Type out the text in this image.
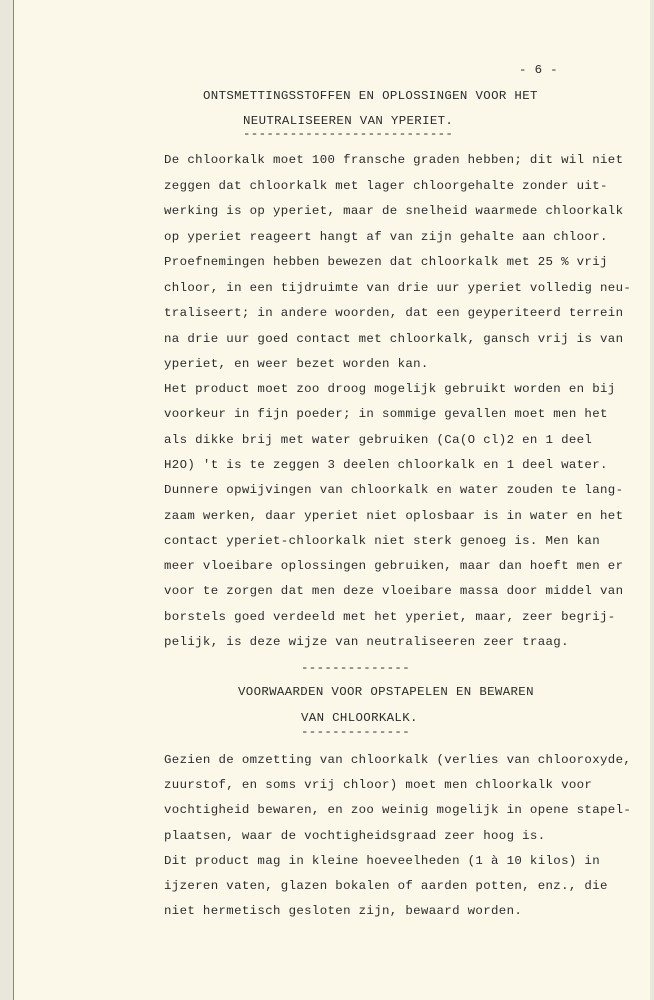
- 6 -
ONTSMETTINGSSTOFFEN EN OPLOSSINGEN VOOR HET
NEUTRALISEEREN VAN YPERIET.
---------------------------
De chloorkalk moet 100 fransche graden hebben; dit wil niet
zeggen dat chloorkalk met lager chloorgehalte zonder uit-
werking is op yperiet, maar de snelheid waarmede chloorkalk
op yperiet reageert hangt af van zijn gehalte aan chloor.
Proefnemingen hebben bewezen dat chloorkalk met 25 % vrij
chloor, in een tijdruimte van drie uur yperiet volledig neu-
traliseert; in andere woorden, dat een geyperiteerd terrein
na drie uur goed contact met chloorkalk, gansch vrij is van
yperiet, en weer bezet worden kan.
Het product moet zoo droog mogelijk gebruikt worden en bij
voorkeur in fijn poeder; in sommige gevallen moet men het
als dikke brij met water gebruiken (Ca(O cl)2 en 1 deel
H2O) 't is te zeggen 3 deelen chloorkalk en 1 deel water.
Dunnere opwijvingen van chloorkalk en water zouden te lang-
zaam werken, daar yperiet niet oplosbaar is in water en het
contact yperiet-chloorkalk niet sterk genoeg is. Men kan
meer vloeibare oplossingen gebruiken, maar dan hoeft men er
voor te zorgen dat men deze vloeibare massa door middel van
borstels goed verdeeld met het yperiet, maar, zeer begrij-
pelijk, is deze wijze van neutraliseeren zeer traag.
--------------
VOORWAARDEN VOOR OPSTAPELEN EN BEWAREN
VAN CHLOORKALK.
--------------
Gezien de omzetting van chloorkalk (verlies van chlooroxyde,
zuurstof, en soms vrij chloor) moet men chloorkalk voor
vochtigheid bewaren, en zoo weinig mogelijk in opene stapel-
plaatsen, waar de vochtigheidsgraad zeer hoog is.
Dit product mag in kleine hoeveelheden (1 à 10 kilos) in
ijzeren vaten, glazen bokalen of aarden potten, enz., die
niet hermetisch gesloten zijn, bewaard worden.
